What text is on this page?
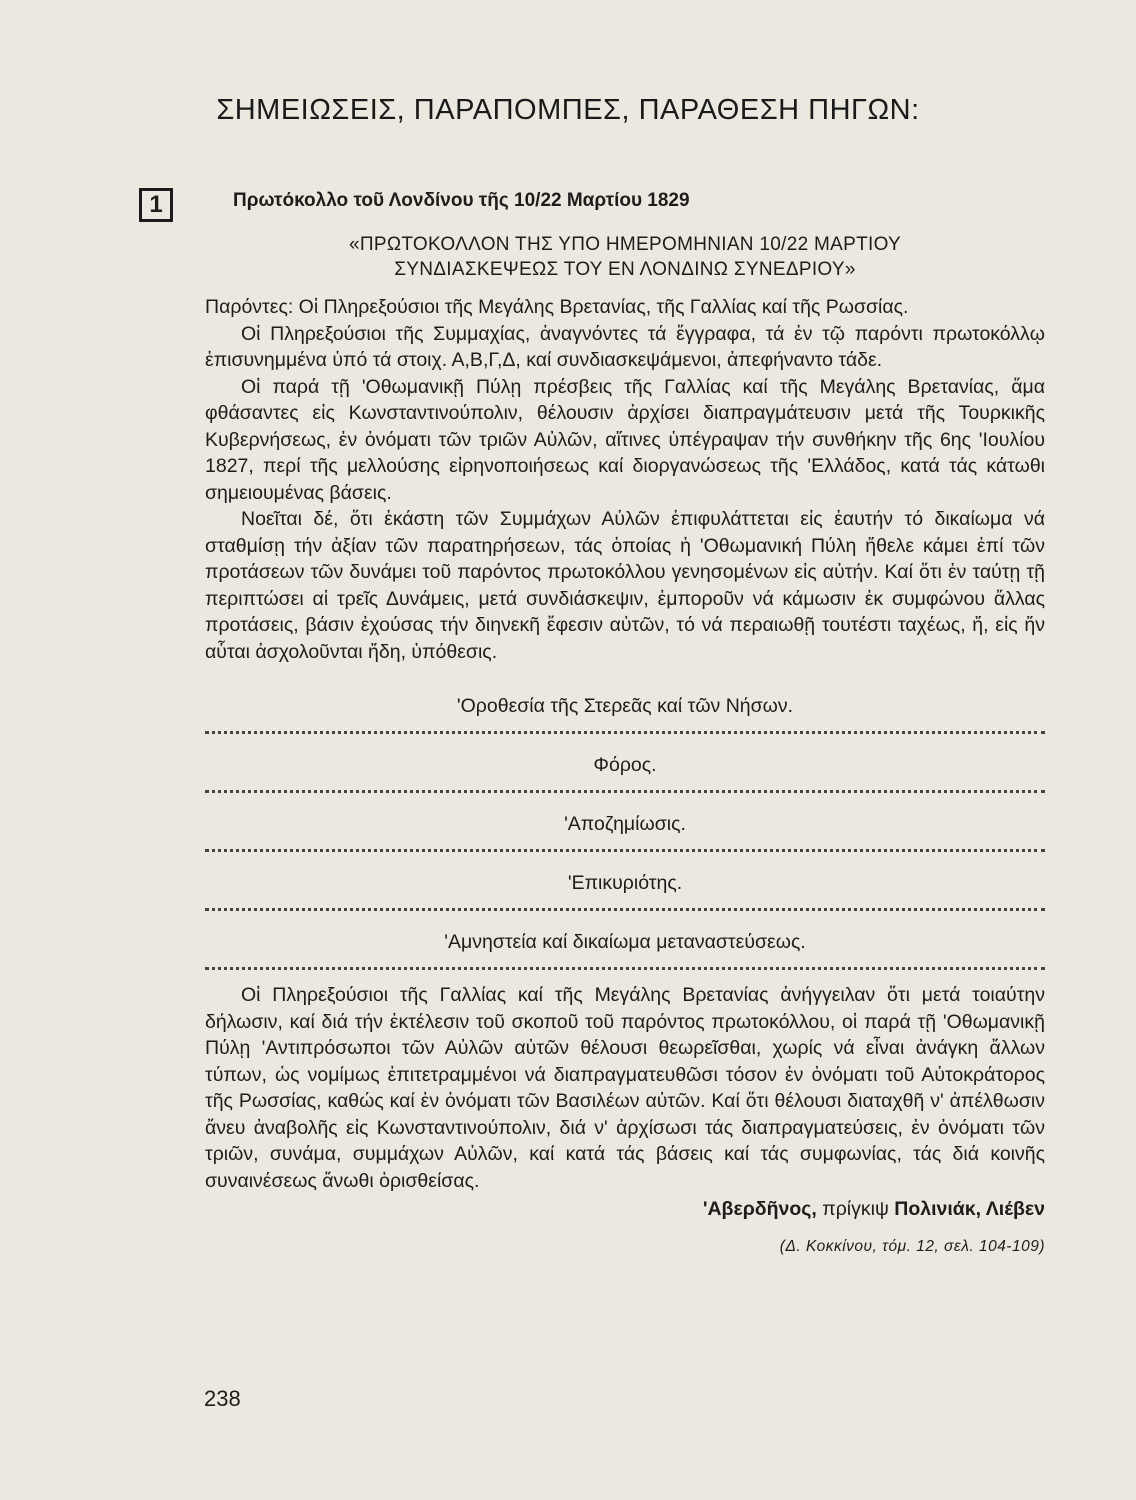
ΣΗΜΕΙΩΣΕΙΣ, ΠΑΡΑΠΟΜΠΕΣ, ΠΑΡΑΘΕΣΗ ΠΗΓΩΝ:
1	Πρωτόκολλο τοῦ Λονδίνου τῆς 10/22 Μαρτίου 1829

«ΠΡΩΤΟΚΟΛΛΟΝ ΤΗΣ ΥΠΟ ΗΜΕΡΟΜΗΝΙΑΝ 10/22 ΜΑΡΤΙΟΥ
ΣΥΝΔΙΑΣΚΕΨΕΩΣ ΤΟΥ ΕΝ ΛΟΝΔΙΝΩ ΣΥΝΕΔΡΙΟΥ»

Παρόντες: Οἱ Πληρεξούσιοι τῆς Μεγάλης Βρετανίας, τῆς Γαλλίας καί τῆς Ρωσσίας.

Οἱ Πληρεξούσιοι τῆς Συμμαχίας, ἀναγνόντες τά ἔγγραφα, τά ἐν τῷ παρόντι πρωτοκόλλῳ ἐπισυνημμένα ὑπό τά στοιχ. Α,Β,Γ,Δ, καί συνδιασκεψάμενοι, ἀπεφήναντο τάδε.

Οἱ παρά τῇ 'Οθωμανικῇ Πύλῃ πρέσβεις τῆς Γαλλίας καί τῆς Μεγάλης Βρετανίας, ἅμα φθάσαντες εἰς Κωνσταντινούπολιν, θέλουσιν ἀρχίσει διαπραγμάτευσιν μετά τῆς Τουρκικῆς Κυβερνήσεως, ἐν ὀνόματι τῶν τριῶν Αὐλῶν, αἵτινες ὑπέγραψαν τήν συνθήκην τῆς 6ης 'Ιουλίου 1827, περί τῆς μελλούσης εἰρηνοποιήσεως καί διοργανώσεως τῆς 'Ελλάδος, κατά τάς κάτωθι σημειουμένας βάσεις.

Νοεῖται δέ, ὅτι ἑκάστη τῶν Συμμάχων Αὐλῶν ἐπιφυλάττεται εἰς ἑαυτήν τό δικαίωμα νά σταθμίσῃ τήν ἀξίαν τῶν παρατηρήσεων, τάς ὁποίας ἡ 'Οθωμανική Πύλη ἤθελε κάμει ἐπί τῶν προτάσεων τῶν δυνάμει τοῦ παρόντος πρωτοκόλλου γενησομένων εἰς αὐτήν. Καί ὅτι ἐν ταύτῃ τῇ περιπτώσει αἱ τρεῖς Δυνάμεις, μετά συνδιάσκεψιν, ἐμποροῦν νά κάμωσιν ἐκ συμφώνου ἄλλας προτάσεις, βάσιν ἐχούσας τήν διηνεκῆ ἔφεσιν αὐτῶν, τό νά περαιωθῇ τουτέστι ταχέως, ἤ, εἰς ἥν αὗται ἀσχολοῦνται ἤδη, ὑπόθεσις.

'Οροθεσία τῆς Στερεᾶς καί τῶν Νήσων.

Φόρος.

'Αποζημίωσις.

'Επικυριότης.

'Αμνηστεία καί δικαίωμα μεταναστεύσεως.

Οἱ Πληρεξούσιοι τῆς Γαλλίας καί τῆς Μεγάλης Βρετανίας ἀνήγγειλαν ὅτι μετά τοιαύτην δήλωσιν, καί διά τήν ἐκτέλεσιν τοῦ σκοποῦ τοῦ παρόντος πρωτοκόλλου, οἱ παρά τῇ 'Οθωμανικῇ Πύλῃ 'Αντιπρόσωποι τῶν Αὐλῶν αὐτῶν θέλουσι θεωρεῖσθαι, χωρίς νά εἶναι ἀνάγκη ἄλλων τύπων, ὡς νομίμως ἐπιτετραμμένοι νά διαπραγματευθῶσι τόσον ἐν ὀνόματι τοῦ Αὐτοκράτορος τῆς Ρωσσίας, καθώς καί ἐν ὀνόματι τῶν Βασιλέων αὐτῶν. Καί ὅτι θέλουσι διαταχθῆ ν' ἀπέλθωσιν ἄνευ ἀναβολῆς εἰς Κωνσταντινούπολιν, διά ν' ἀρχίσωσι τάς διαπραγματεύσεις, ἐν ὀνόματι τῶν τριῶν, συνάμα, συμμάχων Αὐλῶν, καί κατά τάς βάσεις καί τάς συμφωνίας, τάς διά κοινῆς συναινέσεως ἄνωθι ὁρισθείσας.

'Αβερδῆνος, πρίγκιψ Πολινιάκ, Λιέβεν

(Δ. Κοκκίνου, τόμ. 12, σελ. 104-109)

238
